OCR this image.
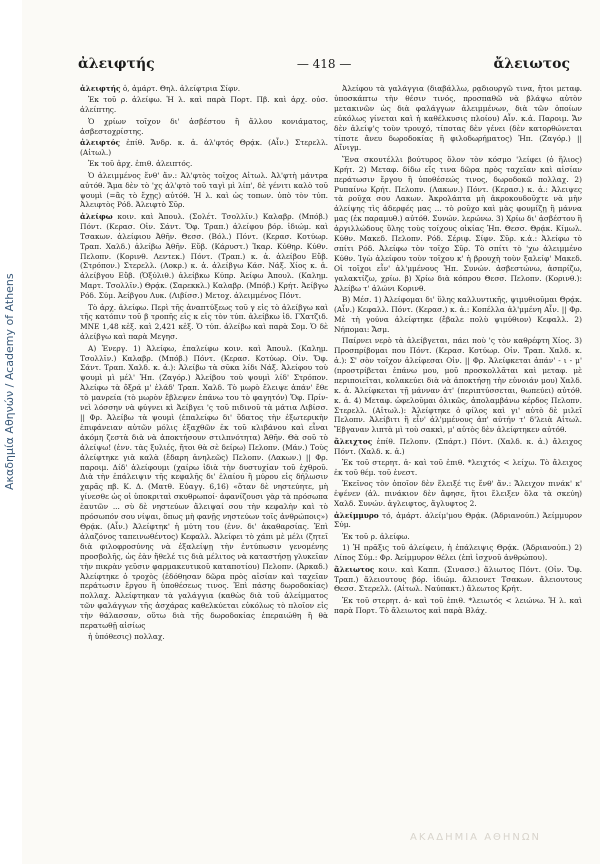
Ακαδημία Αθηνών / Academy of Athens
ἀλειφτής	— 418 —	ἄλειωτος

ἀλειφτής ὁ, ἀμάρτ. Θηλ. ἀλείφτρια Σίφν.

Ἐκ τοῦ ρ. ἀλείφω. Ἡ λ. καὶ παρὰ Πορτ. Πβ. καὶ ἀρχ. οὐσ. ἀλείπτης.

Ὁ χρίων τοῖχον δι' ἀσβέστου ἢ ἄλλου κονιάματος, ἀσβεστοχρίστης.

ἀλειφτός ἐπίθ. Ἄνδρ. κ. ἀ. ἀλ'φτός Θρᾴκ. (Αἶν.) Στερελλ. (Αἰτωλ.)

Ἐκ τοῦ ἀρχ. ἐπιθ. ἀλειπτός.

Ὁ ἀλειμμένος ἔνθ' ἄν.: Ἀλ'φτὸς τοῖχος Αἰτωλ. Ἀλ'φτὴ μάντρα αὐτόθ. Ἄμα δὲν τὸ 'χς ἀλ'φτὸ τοῦ ταγὶ μὶ λίπ', δὲ γένιτι καλὸ τοῦ ψουμὶ (=ἂς τὸ ἔχῃς) αὐτόθ. Ἡ λ. καὶ ὡς τοπων. ὑπὸ τὸν τύπ. Ἀλειφτὸς Ρόδ. Ἀλειφτὸ Σῦρ.

ἀλείφω κοιν. καὶ Ἀπουλ. (Σολέτ. Τσολλῖν.) Καλαβρ. (Μπόβ.) Πόντ. (Κερασ. Οἰν. Σάντ. Ὄφ. Τραπ.) ἀλείφου βόρ. ἰδιώμ. καὶ Τσακων. ἀλείφιου Ἀθῆν. Θεσσ. (Βόλ.) Πόντ. (Κερασ. Κοτύωρ. Τραπ. Χαλδ.) ἀλείβω Ἀθῆν. Εὔβ. (Κάρυστ.) Ἰκαρ. Κύθηρ. Κύθν. Πελοπν. (Κορινθ. Λεντεκ.) Πόντ. (Τραπ.) κ. ἀ. ἀλείβου Εὔβ. (Στρόπον.) Στερελλ. (Λοκρ.) κ. ἀ. ἀλείβγω Κάσ. Νάξ. Χίος κ. ἀ. ἀλείβγου Εὔβ. (Ὀξύλιθ.) ἀλείβκω Κύπρ. Ἀείφω Ἀπουλ. (Καλημ. Μαρτ. Τσολλῖν.) Θρᾴκ. (Σαρεκκλ.) Καλαβρ. (Μπόβ.) Κρήτ. Ἀείβγω Ρόδ. Σύμ. Ἀείβγου Λυκ. (Λιβίσσ.) Μετοχ. ἀλειμμένος Πόντ.

Τὸ ἀρχ. ἀλείφω. Περὶ τῆς ἀναπτύξεως τοῦ γ εἰς τὸ ἀλείβγω καὶ τῆς κατόπιν τοῦ β τροπῆς εἰς κ εἰς τὸν τύπ. ἀλείβκω ἰδ. ΓΧατζιδ. ΜΝΕ 1,48 κἑξ. καὶ 2,421 κἑξ. Ὁ τύπ. ἀλείβω καὶ παρὰ Σομ. Ὁ δὲ ἀλείβγω καὶ παρὰ Μεγησ.

Α) Ἐνεργ. 1) Ἀλείφω, ἐπαλείφω κοιν. καὶ Ἀπουλ. (Καλημ. Τσολλῖν.) Καλαβρ. (Μπόβ.) Πόντ. (Κερασ. Κοτύωρ. Οἰν. Ὄφ. Σάντ. Τραπ. Χαλδ. κ. ἀ.): Ἀλείβω τὰ σῦκα λίδι Νάξ. Ἀλείφου τοὺ ψουμὶ μὶ μέλ' Ἠπ. (Ζαγόρ.) Ἀλείβου τοὺ ψουμὶ λίδ' Στρόπον. Ἀλείφω τὰ ὄξρά μ' ἐλάδ' Τραπ. Χαλδ. Τὸ μωρὸ ἔλειψε ἀπάν' ἔθε τὸ μανρεία (τὸ μωρὸν ἔβλεψεν ἐπάνω του τὸ φαγητόν) Ὄφ. Πρίν-νεὶ λόσσην νὰ φύγνει κὶ Ἀείβγει 'ς τοῦ πιδινοῦ τὰ μάτια Λιβίσσ. || Φρ. Ἀλείβω τὰ ψουμὶ (ἐπαλείφω δι' ὕδατος τὴν ἐξωτερικὴν ἐπιφάνειαν αὐτῶν μόλις ἐξαχθῶν ἐκ τοῦ κλιβάνου καὶ εἶναι ἀκόμη ζεστὰ διὰ νὰ ἀποκτήσουν στιλπνότητα) Ἀθῆν. Θὰ σοῦ τὸ ἀλείψω! (ἐνν. τὰς ξυλιές, ἤτοι θὰ σὲ δείρω) Πελοπν. (Μάν.) Τοὺς ἀλείφτηκε γιὰ καλὰ (ἔδαρη ἀνηλεῶς) Πελοπν. (Λακων.) || Φρ. παροιμ. Δίδ' ἀλείφουμι (χαίρω ἰδιὰ τὴν δυστυχίαν τοῦ ἐχθροῦ. Διὰ τὴν ἐπάλειψιν τῆς κεφαλῆς δι' ἐλαίου ἢ μύρου εἰς δήλωσιν χαρᾶς πβ. Κ. Δ. (Ματθ. Εὐαγγ. 6,16) «ὅταν δὲ νηστεύητε, μὴ γίνεσθε ὡς οἱ ὑποκριταὶ σκυθρωποί· ἀφανίζουσι γὰρ τὰ πρόσωπα ἑαυτῶν ... σὺ δὲ νηστεύων ἄλειψαί σου τὴν κεφαλὴν καὶ τὸ πρόσωπόν σου νίψαι, ὅπως μὴ φανῇς νηστεύων τοῖς ἀνθρώποις») Θρᾴκ. (Αἶν.) Ἀλείφτηκ' ἡ μύτη του (ἐνν. δι' ἀκαθαρσίας. Ἐπὶ ἀλαζόνος ταπεινωθέντος) Κεφαλλ. Ἀλείφει τὸ χάπι μὲ μέλι (ζητεῖ διὰ φιλοφροσύνης νὰ ἐξαλείψῃ τὴν ἐντύπωσιν γενομένης προσβολῆς, ὡς ἐὰν ἤθελέ τις διὰ μέλιτος νὰ καταστήσῃ γλυκεῖαν τὴν πικρὰν γεῦσιν φαρμακευτικοῦ καταποτίου) Πελοπν. (Ἀρκαδ.) Ἀλείφτηκε ὁ τροχὸς (ἐδόθησαν δῶρα πρὸς αἰσίαν καὶ ταχεῖαν περάτωσιν ἔργου ἢ ὑποθέσεως τινος. Ἐπὶ πάσης δωροδοκίας) πολλαχ. Ἀλείφτηκαν τὰ γαλάγγια (καθὼς διὰ τοῦ ἀλείμματος τῶν φαλάγγων τῆς ἀσχάρας καθελκύεται εὐκόλως τὸ πλοῖον εἰς τὴν θάλασσαν, οὕτω διὰ τῆς δωροδοκίας ἐπεραιώθη ἢ θὰ περατωθῇ αἰσίως

ἡ ὑπόθεσις) πολλαχ.

Ἀλείφου τὰ γαλάγγια (διαβάλλω, ρᾳδιουργῶ τινα, ἤτοι μεταφ. ὑποσκάπτω τὴν θέσιν τινός, προσπαθῶ νὰ βλάψω αὐτὸν μετακινῶν ὡς διὰ φαλάγγων ἀλειμμένων, διὰ τῶν ὁποίων εὐκόλως γίνεται καὶ ἡ καθέλκυσις πλοίου) Αἶν. κ.ἀ. Παροιμ. Ἄν δὲν ἀλείψ'ς τοὺν τρουχό, τίποτας δὲν γένει (δὲν κατορθώνεται τίποτε ἄνευ δωροδοκίας ἢ φιλοδωρήματος) Ἠπ. (Ζαγόρ.) || Αἴνιγμ.

Ἕνα σκουτέλλι βούτυρος ὅλον τὸν κόσμο 'λείφει (ὁ ἥλιος) Κρήτ. 2) Μεταφ. δίδω εἴς τινα δῶρα πρὸς ταχεῖαν καὶ αἰσίαν περάτωσιν ἔργου ἢ ὑποθέσεώς τινος, δωροδοκῶ πολλαχ. 2) Ρυπαίνω Κρήτ. Πελοπν. (Λακων.) Πόντ. (Κερασ.) κ. ἀ.: Ἀλειψες τὰ ροῦχα σου Λακων. Ἀκρολάπτα μὴ ἀκροκουδοῦχτε νὰ μὴν ἀλείψης τὶς ἀδερφές μας ... τὸ ροῦχο καὶ μὰς φουμίζῃ ἢ μάννα μας (ἐκ παραμυθ.) αὐτόθ. Συνών. λερώνω. 3) Χρίω δι' ἀσβέστου ἢ ἀργιλλώδους ὕλης τοὺς τοίχους οἰκίας Ἠπ. Θεσσ. Θρᾴκ. Κίμωλ. Κύθν. Μακεδ. Πελοπν. Ρόδ. Σέριφ. Σίφν. Σῦρ. κ.ἀ.: Ἀλείφω τὸ σπίτι Ρόδ. Ἀλείφω τὸν τοῖχο Σῦρ. Τὸ σπίτι τὸ 'χω ἀλειμμένο Κύθν. Ἰγὼ ἀλείφου τοὺν τοῖχου κ' ἡ βρουχὴ τοὺν ξαλείφ' Μακεδ. Οἱ τοῖχοι εἶν' ἀλ'μμένους Ἠπ. Συνών. ἀσβεστώνω, ἀσπρίζω, γαλακτίζω, χρίω. β) Χρίω διὰ κόπρου Θεσσ. Πελοπν. (Κορινθ.): Ἀλείβω τ' ἀλώνι Κορινθ.

Β) Μέσ. 1) Ἀλείφομαι δι' ὕλης καλλυντικῆς, ψιμυθιοῦμαι Θρᾴκ. (Αἶν.) Κεφαλλ. Πόντ. (Κερασ.) κ. ἀ.: Κοπέλλα ἀλ'μμένη Αἶν. || Φρ. Μὲ τὴ γούνα ἀλείφτηκε (ἔβαλε πολὺ ψιμύθιον) Κεφαλλ. 2) Νήπομαι: Ἄσμ.

Παίρνει νερὸ τὰ ἀλείβγεται, πάει ποὺ 'ς τὸν καθρέφτη Χίος. 3) Προσπρίβομαι που Πόντ. (Κερασ. Κοτύωρ. Οἰν. Τραπ. Χαλδ. κ. ἀ.): Σ' σὸν τοῖχον ἀλείφεσαι Οἰν. || Φρ. Ἀλείφκεται ἀπάν' - ι - μ' (προστρίβεται ἐπάνω μου, μοῦ προσκολλᾶται καὶ μεταφ. μὲ περιποιεῖται, κολακεύει διὰ νὰ ἀποκτήσῃ τὴν εὐνοιάν μου) Χαλδ. κ. ἀ. Ἀλείφκεται τῇ μάνναν ἀτ' (περιπτύσσεται, θωπεύει) αὐτόθ. κ. ἀ. 4) Μεταφ. ὠφελοῦμαι ὀλικῶς, ἀπολαμβάνω κέρδος Πελοπν. Στερελλ. (Αἰτωλ.): Ἀλείφτηκε ὁ φίλος καὶ γι' αὐτὸ δὲ μιλεῖ Πελοπν. Ἀλείβιτι ἢ εἶν' ἀλ'μμένους ἀπ' αὐτήν τ' δ'λειὰ Αἰτωλ. Ἔβγαναν λιπτὰ μὶ τοὺ σακκὶ, μ' αὐτὸς δὲν ἀλείφτηκεν αὐτόθ.

ἄλειχτος ἐπίθ. Πελοπν. (Σπάρτ.) Πόντ. (Χαλδ. κ. ἀ.) ἄλειχος Πόντ. (Χαλδ. κ. ἀ.)

Ἐκ τοῦ στερητ. ἀ- καὶ τοῦ ἐπιθ. *λειχτός < λείχω. Τὸ ἄλειχος ἐκ τοῦ θέμ. τοῦ ἐνεστ.

Ἐκεῖνος τὸν ὁποῖον δὲν ἔλειξέ τις ἔνθ' ἄν.: Ἄλειχον πινάκ' κ' ἐψένεν (ἀλ. πινάκιον δὲν ἄφησε, ἤτοι ἔλειξεν ὅλα τὰ σκεύη) Χαλδ. Συνών. ἀγλειφτος, ἄγλυφτος 2.

ἀλείμμυρο τό, ἀμάρτ. ἀλείμ'μου Θρᾴκ. (Ἀδριανούπ.) Ἀείμμυρον Σύμ.

Ἐκ τοῦ ρ. ἀλείφω.

1) Ἡ πρᾶξις τοῦ ἀλείφειν, ἡ ἐπάλειψις Θρᾴκ. (Ἀδριανούπ.) 2) Λίπος Σύμ.: Φρ. Ἀείμμυρον θέλει (ἐπὶ ἰσχνοῦ ἀνθρώπου).

ἄλειωτος κοιν. καὶ Καππ. (Σινασσ.) ἄλιωτος Πόντ. (Οἰν. Ὄφ. Τραπ.) ἄλειουτους βόρ. ἰδιώμ. ἄλειονετ Τσακων. ἄλειουτους Θεσσ. Στερελλ. (Αἰτωλ. Ναύπακτ.) ἄλεωτος Κρήτ.

Ἐκ τοῦ στερητ. ἀ- καὶ τοῦ ἐπιθ. *λειωτός < λειώνω. Ἡ λ. καὶ παρὰ Πορτ. Τὸ ἄλειωτος καὶ παρὰ Βλάχ.

ΑΚΑΔΗΜΙΑ ΑΘΗΝΩΝ
